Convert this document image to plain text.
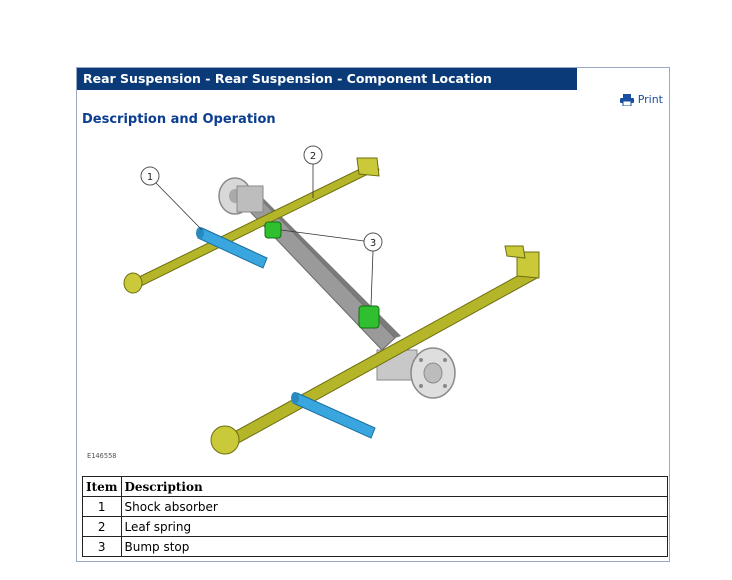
Rear Suspension - Rear Suspension - Component Location
Print
Description and Operation
1
2
3
E146558
Item	Description
1	Shock absorber
2	Leaf spring
3	Bump stop
